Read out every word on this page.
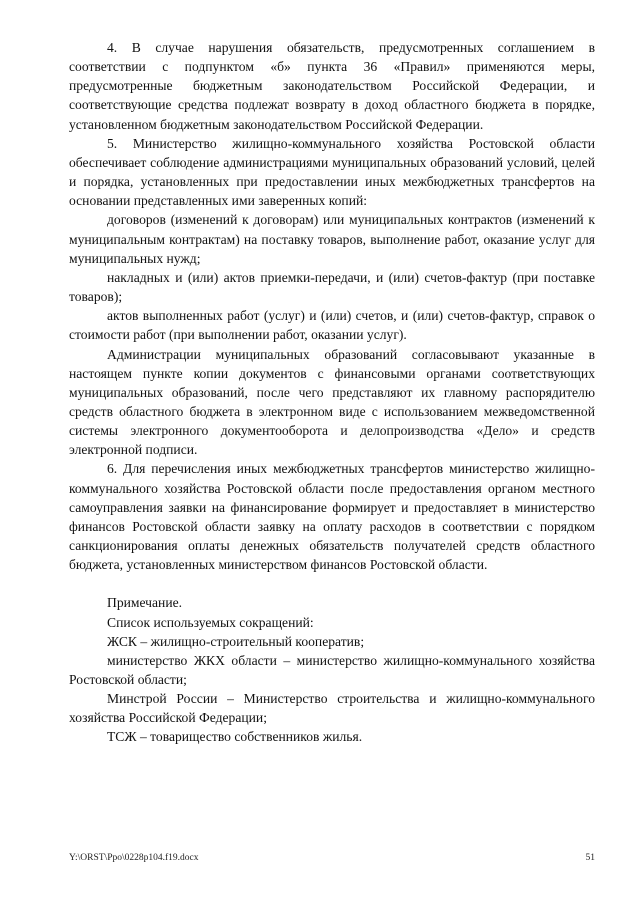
4. В случае нарушения обязательств, предусмотренных соглашением в соответствии с подпунктом «б» пункта 36 «Правил» применяются меры, предусмотренные бюджетным законодательством Российской Федерации, и соответствующие средства подлежат возврату в доход областного бюджета в порядке, установленном бюджетным законодательством Российской Федерации.

5. Министерство жилищно-коммунального хозяйства Ростовской области обеспечивает соблюдение администрациями муниципальных образований условий, целей и порядка, установленных при предоставлении иных межбюджетных трансфертов на основании представленных ими заверенных копий:

договоров (изменений к договорам) или муниципальных контрактов (изменений к муниципальным контрактам) на поставку товаров, выполнение работ, оказание услуг для муниципальных нужд;

накладных и (или) актов приемки-передачи, и (или) счетов-фактур (при поставке товаров);

актов выполненных работ (услуг) и (или) счетов, и (или) счетов-фактур, справок о стоимости работ (при выполнении работ, оказании услуг).

Администрации муниципальных образований согласовывают указанные в настоящем пункте копии документов с финансовыми органами соответствующих муниципальных образований, после чего представляют их главному распорядителю средств областного бюджета в электронном виде с использованием межведомственной системы электронного документооборота и делопроизводства «Дело» и средств электронной подписи.

6. Для перечисления иных межбюджетных трансфертов министерство жилищно-коммунального хозяйства Ростовской области после предоставления органом местного самоуправления заявки на финансирование формирует и предоставляет в министерство финансов Ростовской области заявку на оплату расходов в соответствии с порядком санкционирования оплаты денежных обязательств получателей средств областного бюджета, установленных министерством финансов Ростовской области.

Примечание.

Список используемых сокращений:

ЖСК – жилищно-строительный кооператив;

министерство ЖКХ области – министерство жилищно-коммунального хозяйства Ростовской области;

Минстрой России – Министерство строительства и жилищно-коммунального хозяйства Российской Федерации;

ТСЖ – товарищество собственников жилья.

Y:\ORST\Ppo\0228p104.f19.docx	51
